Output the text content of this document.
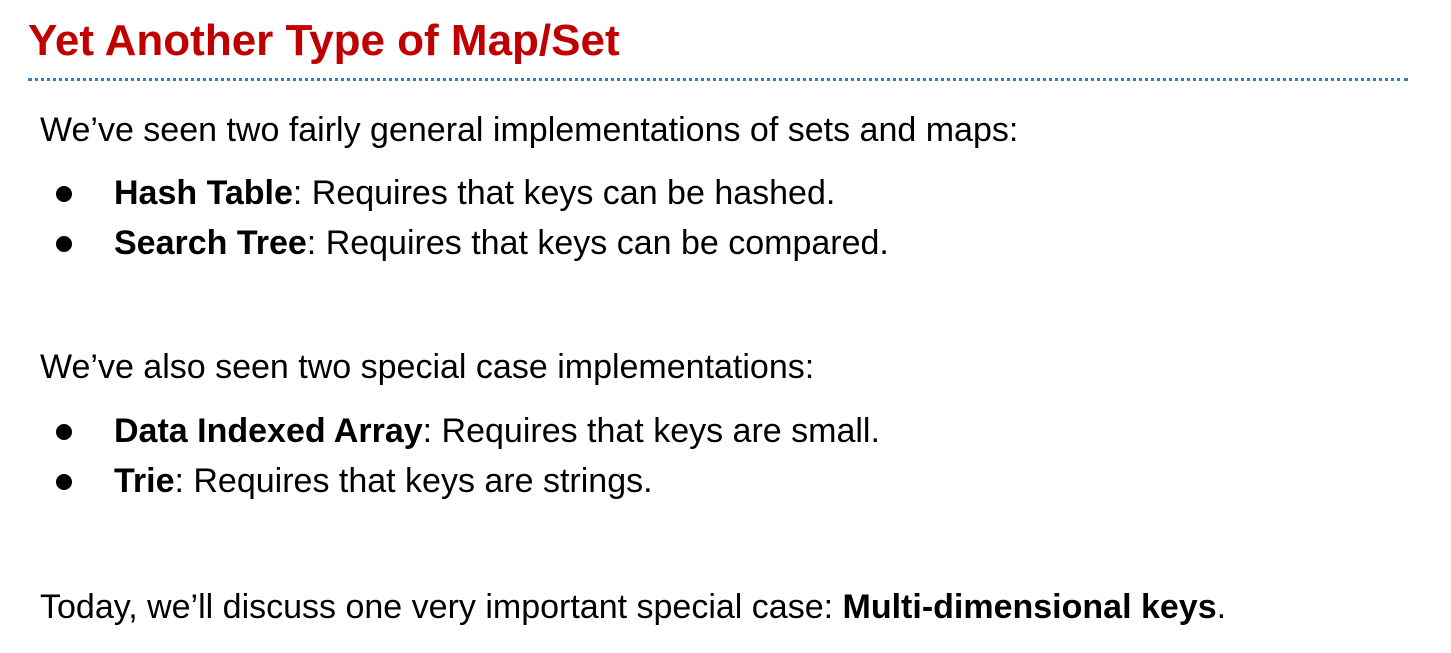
Yet Another Type of Map/Set

We’ve seen two fairly general implementations of sets and maps:

Hash Table: Requires that keys can be hashed.
Search Tree: Requires that keys can be compared.

We’ve also seen two special case implementations:

Data Indexed Array: Requires that keys are small.
Trie: Requires that keys are strings.

Today, we’ll discuss one very important special case: Multi-dimensional keys.
